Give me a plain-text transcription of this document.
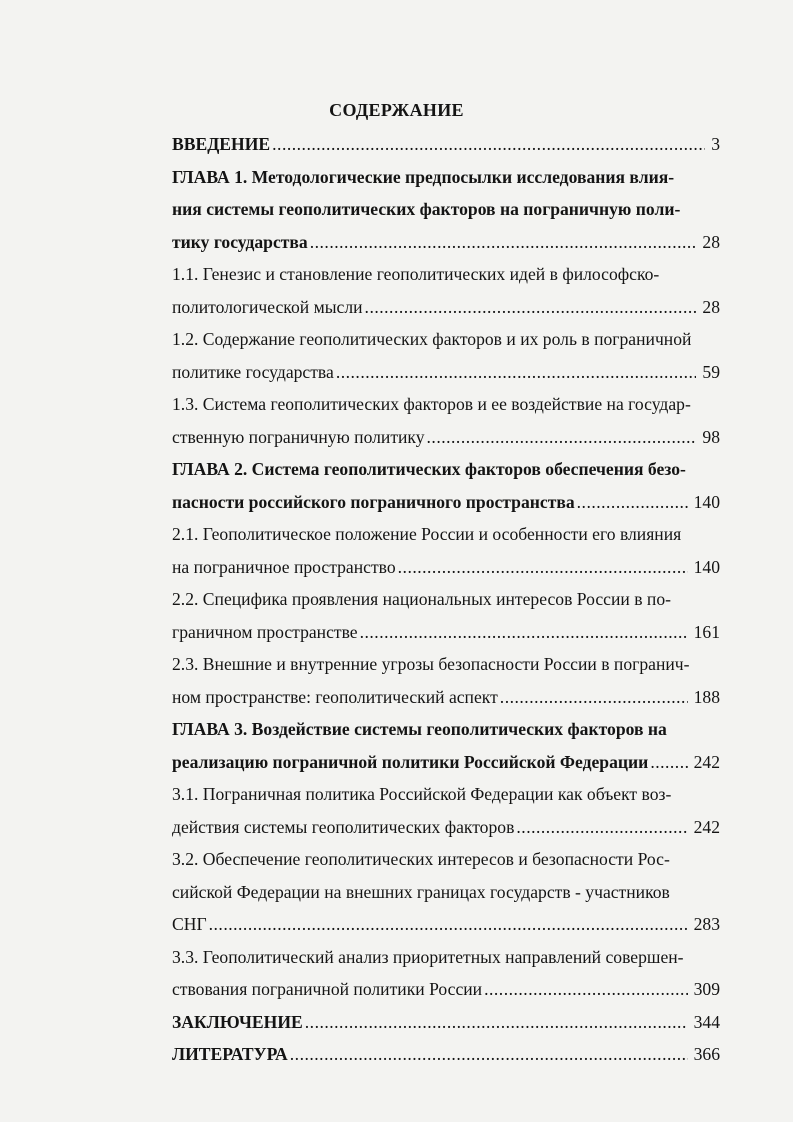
СОДЕРЖАНИЕ
ВВЕДЕНИЕ .....	3
ГЛАВА 1. Методологические предпосылки исследования влия-
ния системы геополитических факторов на пограничную поли-
тику государства .....	28
1.1. Генезис и становление геополитических идей в философско-
политологической мысли .....	28
1.2. Содержание геополитических факторов и их роль в пограничной
политике государства .....	59
1.3. Система геополитических факторов и ее воздействие на государ-
ственную пограничную политику .....	98
ГЛАВА 2. Система геополитических факторов обеспечения безо-
пасности российского пограничного пространства .....	140
2.1. Геополитическое положение России и особенности его влияния
на пограничное пространство .....	140
2.2. Специфика проявления национальных интересов России в по-
граничном пространстве .....	161
2.3. Внешние и внутренние угрозы безопасности России в погранич-
ном пространстве: геополитический аспект .....	188
ГЛАВА 3. Воздействие системы геополитических факторов на
реализацию пограничной политики Российской Федерации .....	242
3.1. Пограничная политика Российской Федерации как объект воз-
действия системы геополитических факторов .....	242
3.2. Обеспечение геополитических интересов и безопасности Рос-
сийской Федерации на внешних границах государств - участников
СНГ .....	283
3.3. Геополитический анализ приоритетных направлений совершен-
ствования пограничной политики России .....	309
ЗАКЛЮЧЕНИЕ .....	344
ЛИТЕРАТУРА .....	366
